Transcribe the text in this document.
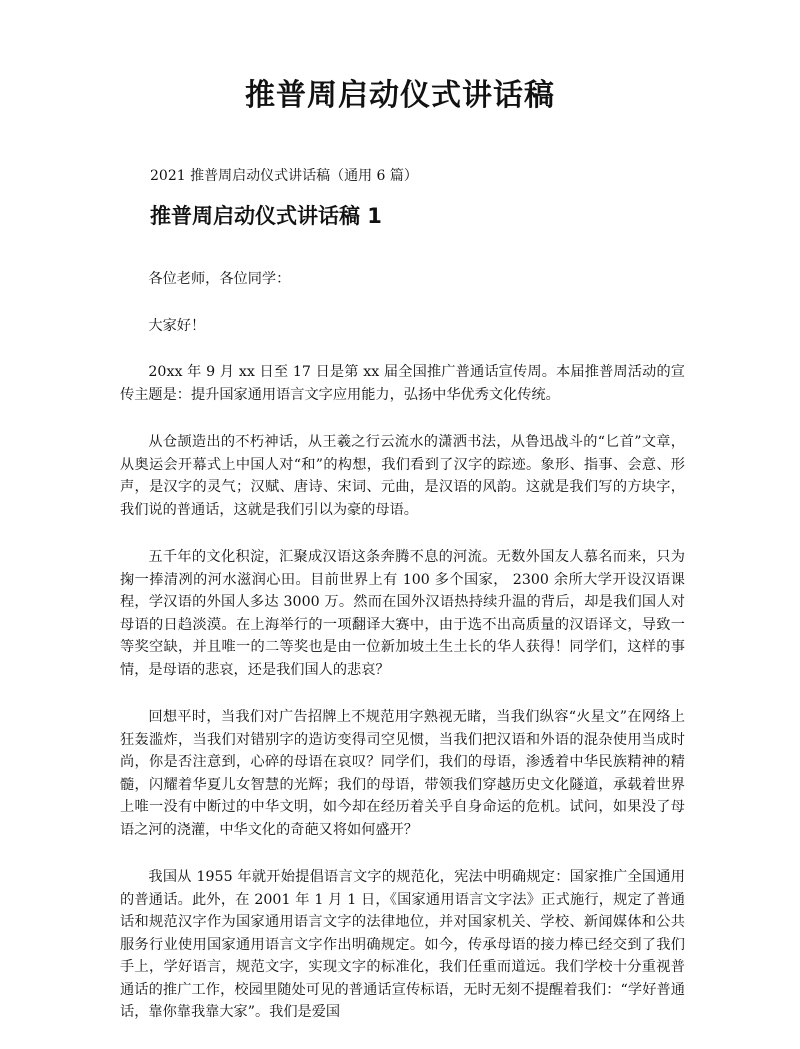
推普周启动仪式讲话稿

2021 推普周启动仪式讲话稿（通用 6 篇）

推普周启动仪式讲话稿 1

各位老师，各位同学：

大家好！

20xx 年 9 月 xx 日至 17 日是第 xx 届全国推广普通话宣传周。本届推普周活动的宣传主题是：提升国家通用语言文字应用能力，弘扬中华优秀文化传统。

从仓颉造出的不朽神话，从王羲之行云流水的潇洒书法，从鲁迅战斗的“匕首”文章，从奥运会开幕式上中国人对“和”的构想，我们看到了汉字的踪迹。象形、指事、会意、形声，是汉字的灵气；汉赋、唐诗、宋词、元曲，是汉语的风韵。这就是我们写的方块字，我们说的普通话，这就是我们引以为豪的母语。

五千年的文化积淀，汇聚成汉语这条奔腾不息的河流。无数外国友人慕名而来，只为掬一捧清冽的河水滋润心田。目前世界上有 100 多个国家， 2300 余所大学开设汉语课程，学汉语的外国人多达 3000 万。然而在国外汉语热持续升温的背后，却是我们国人对母语的日趋淡漠。在上海举行的一项翻译大赛中，由于选不出高质量的汉语译文，导致一等奖空缺，并且唯一的二等奖也是由一位新加坡土生土长的华人获得！同学们，这样的事情，是母语的悲哀，还是我们国人的悲哀？

回想平时，当我们对广告招牌上不规范用字熟视无睹，当我们纵容“火星文”在网络上狂轰滥炸，当我们对错别字的造访变得司空见惯，当我们把汉语和外语的混杂使用当成时尚，你是否注意到，心碎的母语在哀叹？同学们，我们的母语，渗透着中华民族精神的精髓，闪耀着华夏儿女智慧的光辉；我们的母语，带领我们穿越历史文化隧道，承载着世界上唯一没有中断过的中华文明，如今却在经历着关乎自身命运的危机。试问，如果没了母语之河的浇灌，中华文化的奇葩又将如何盛开？

我国从 1955 年就开始提倡语言文字的规范化，宪法中明确规定：国家推广全国通用的普通话。此外，在 2001 年 1 月 1 日，《国家通用语言文字法》正式施行，规定了普通话和规范汉字作为国家通用语言文字的法律地位，并对国家机关、学校、新闻媒体和公共服务行业使用国家通用语言文字作出明确规定。如今，传承母语的接力棒已经交到了我们手上，学好语言，规范文字，实现文字的标准化，我们任重而道远。我们学校十分重视普通话的推广工作，校园里随处可见的普通话宣传标语，无时无刻不提醒着我们：“学好普通话，靠你靠我靠大家”。我们是爱国
